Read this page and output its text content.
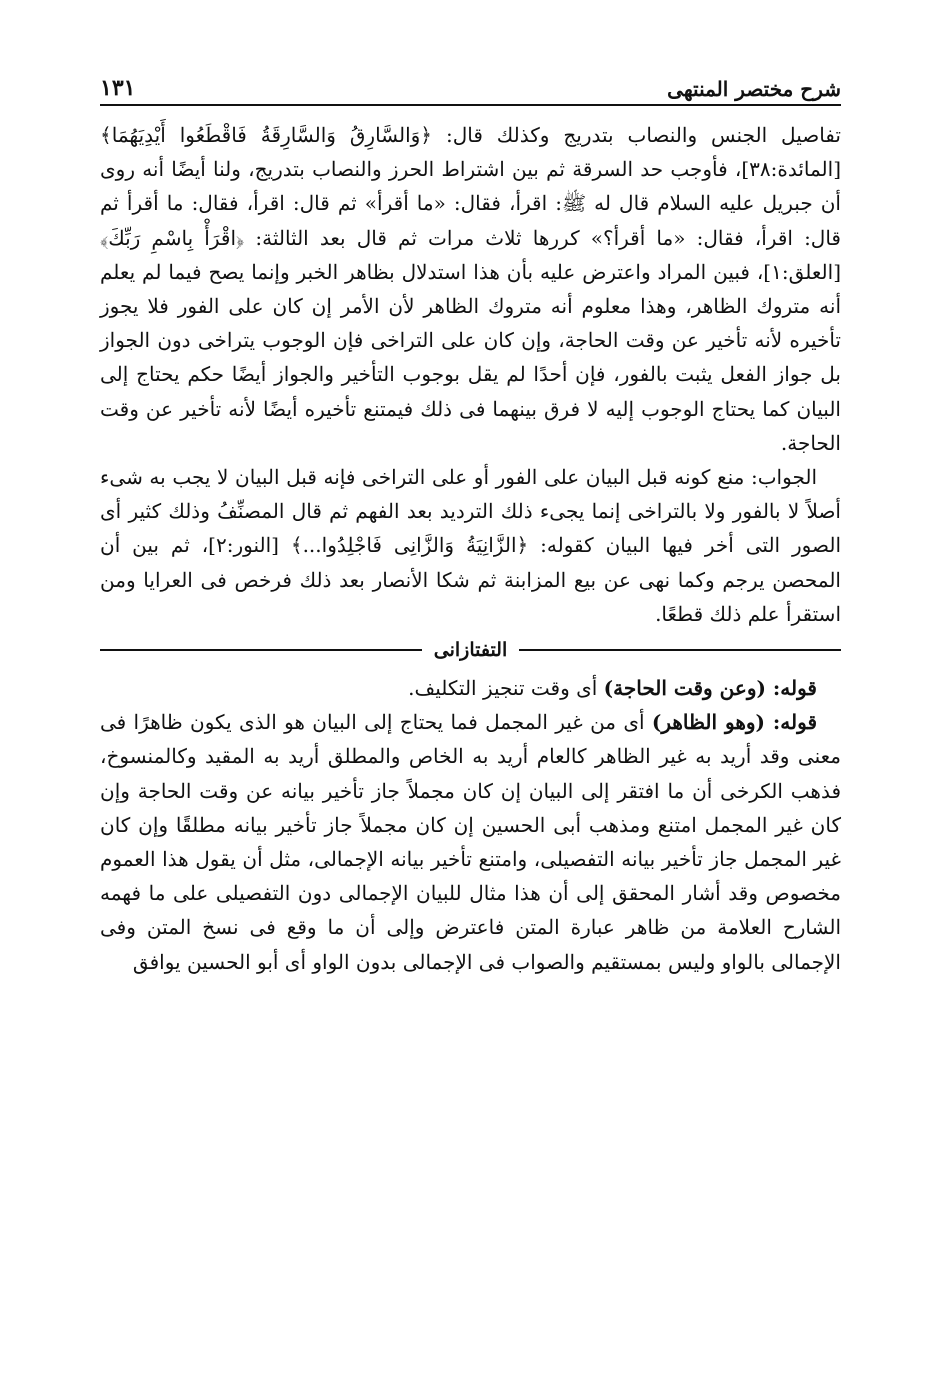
شرح مختصر المنتهى
١٣١

تفاصيل الجنس والنصاب بتدريج وكذلك قال: ﴿وَالسَّارِقُ وَالسَّارِقَةُ فَاقْطَعُوا أَيْدِيَهُمَا﴾ [المائدة:٣٨]، فأوجب حد السرقة ثم بين اشتراط الحرز والنصاب بتدريج، ولنا أيضًا أنه روى أن جبريل عليه السلام قال له ﷺ: اقرأ، فقال: «ما أقرأ» ثم قال: اقرأ، فقال: ما أقرأ ثم قال: اقرأ، فقال: «ما أقرأ؟» كررها ثلاث مرات ثم قال بعد الثالثة: ﴿اقْرَأْ بِاسْمِ رَبِّكَ﴾ [العلق:١]، فبين المراد واعترض عليه بأن هذا استدلال بظاهر الخبر وإنما يصح فيما لم يعلم أنه متروك الظاهر، وهذا معلوم أنه متروك الظاهر لأن الأمر إن كان على الفور فلا يجوز تأخيره لأنه تأخير عن وقت الحاجة، وإن كان على التراخى فإن الوجوب يتراخى دون الجواز بل جواز الفعل يثبت بالفور، فإن أحدًا لم يقل بوجوب التأخير والجواز أيضًا حكم يحتاج إلى البيان كما يحتاج الوجوب إليه لا فرق بينهما فى ذلك فيمتنع تأخيره أيضًا لأنه تأخير عن وقت الحاجة.

الجواب: منع كونه قبل البيان على الفور أو على التراخى فإنه قبل البيان لا يجب به شىء أصلاً لا بالفور ولا بالتراخى إنما يجىء ذلك الترديد بعد الفهم ثم قال المصنِّفُ وذلك كثير أى الصور التى أخر فيها البيان كقوله: ﴿الزَّانِيَةُ وَالزَّانِى فَاجْلِدُوا...﴾ [النور:٢]، ثم بين أن المحصن يرجم وكما نهى عن بيع المزابنة ثم شكا الأنصار بعد ذلك فرخص فى العرايا ومن استقرأ علم ذلك قطعًا.

التفتازانى

قوله: (وعن وقت الحاجة) أى وقت تنجيز التكليف.

قوله: (وهو الظاهر) أى من غير المجمل فما يحتاج إلى البيان هو الذى يكون ظاهرًا فى معنى وقد أريد به غير الظاهر كالعام أريد به الخاص والمطلق أريد به المقيد وكالمنسوخ، فذهب الكرخى أن ما افتقر إلى البيان إن كان مجملاً جاز تأخير بيانه عن وقت الحاجة وإن كان غير المجمل امتنع ومذهب أبى الحسين إن كان مجملاً جاز تأخير بيانه مطلقًا وإن كان غير المجمل جاز تأخير بيانه التفصيلى، وامتنع تأخير بيانه الإجمالى، مثل أن يقول هذا العموم مخصوص وقد أشار المحقق إلى أن هذا مثال للبيان الإجمالى دون التفصيلى على ما فهمه الشارح العلامة من ظاهر عبارة المتن فاعترض وإلى أن ما وقع فى نسخ المتن وفى الإجمالى بالواو وليس بمستقيم والصواب فى الإجمالى بدون الواو أى أبو الحسين يوافق
